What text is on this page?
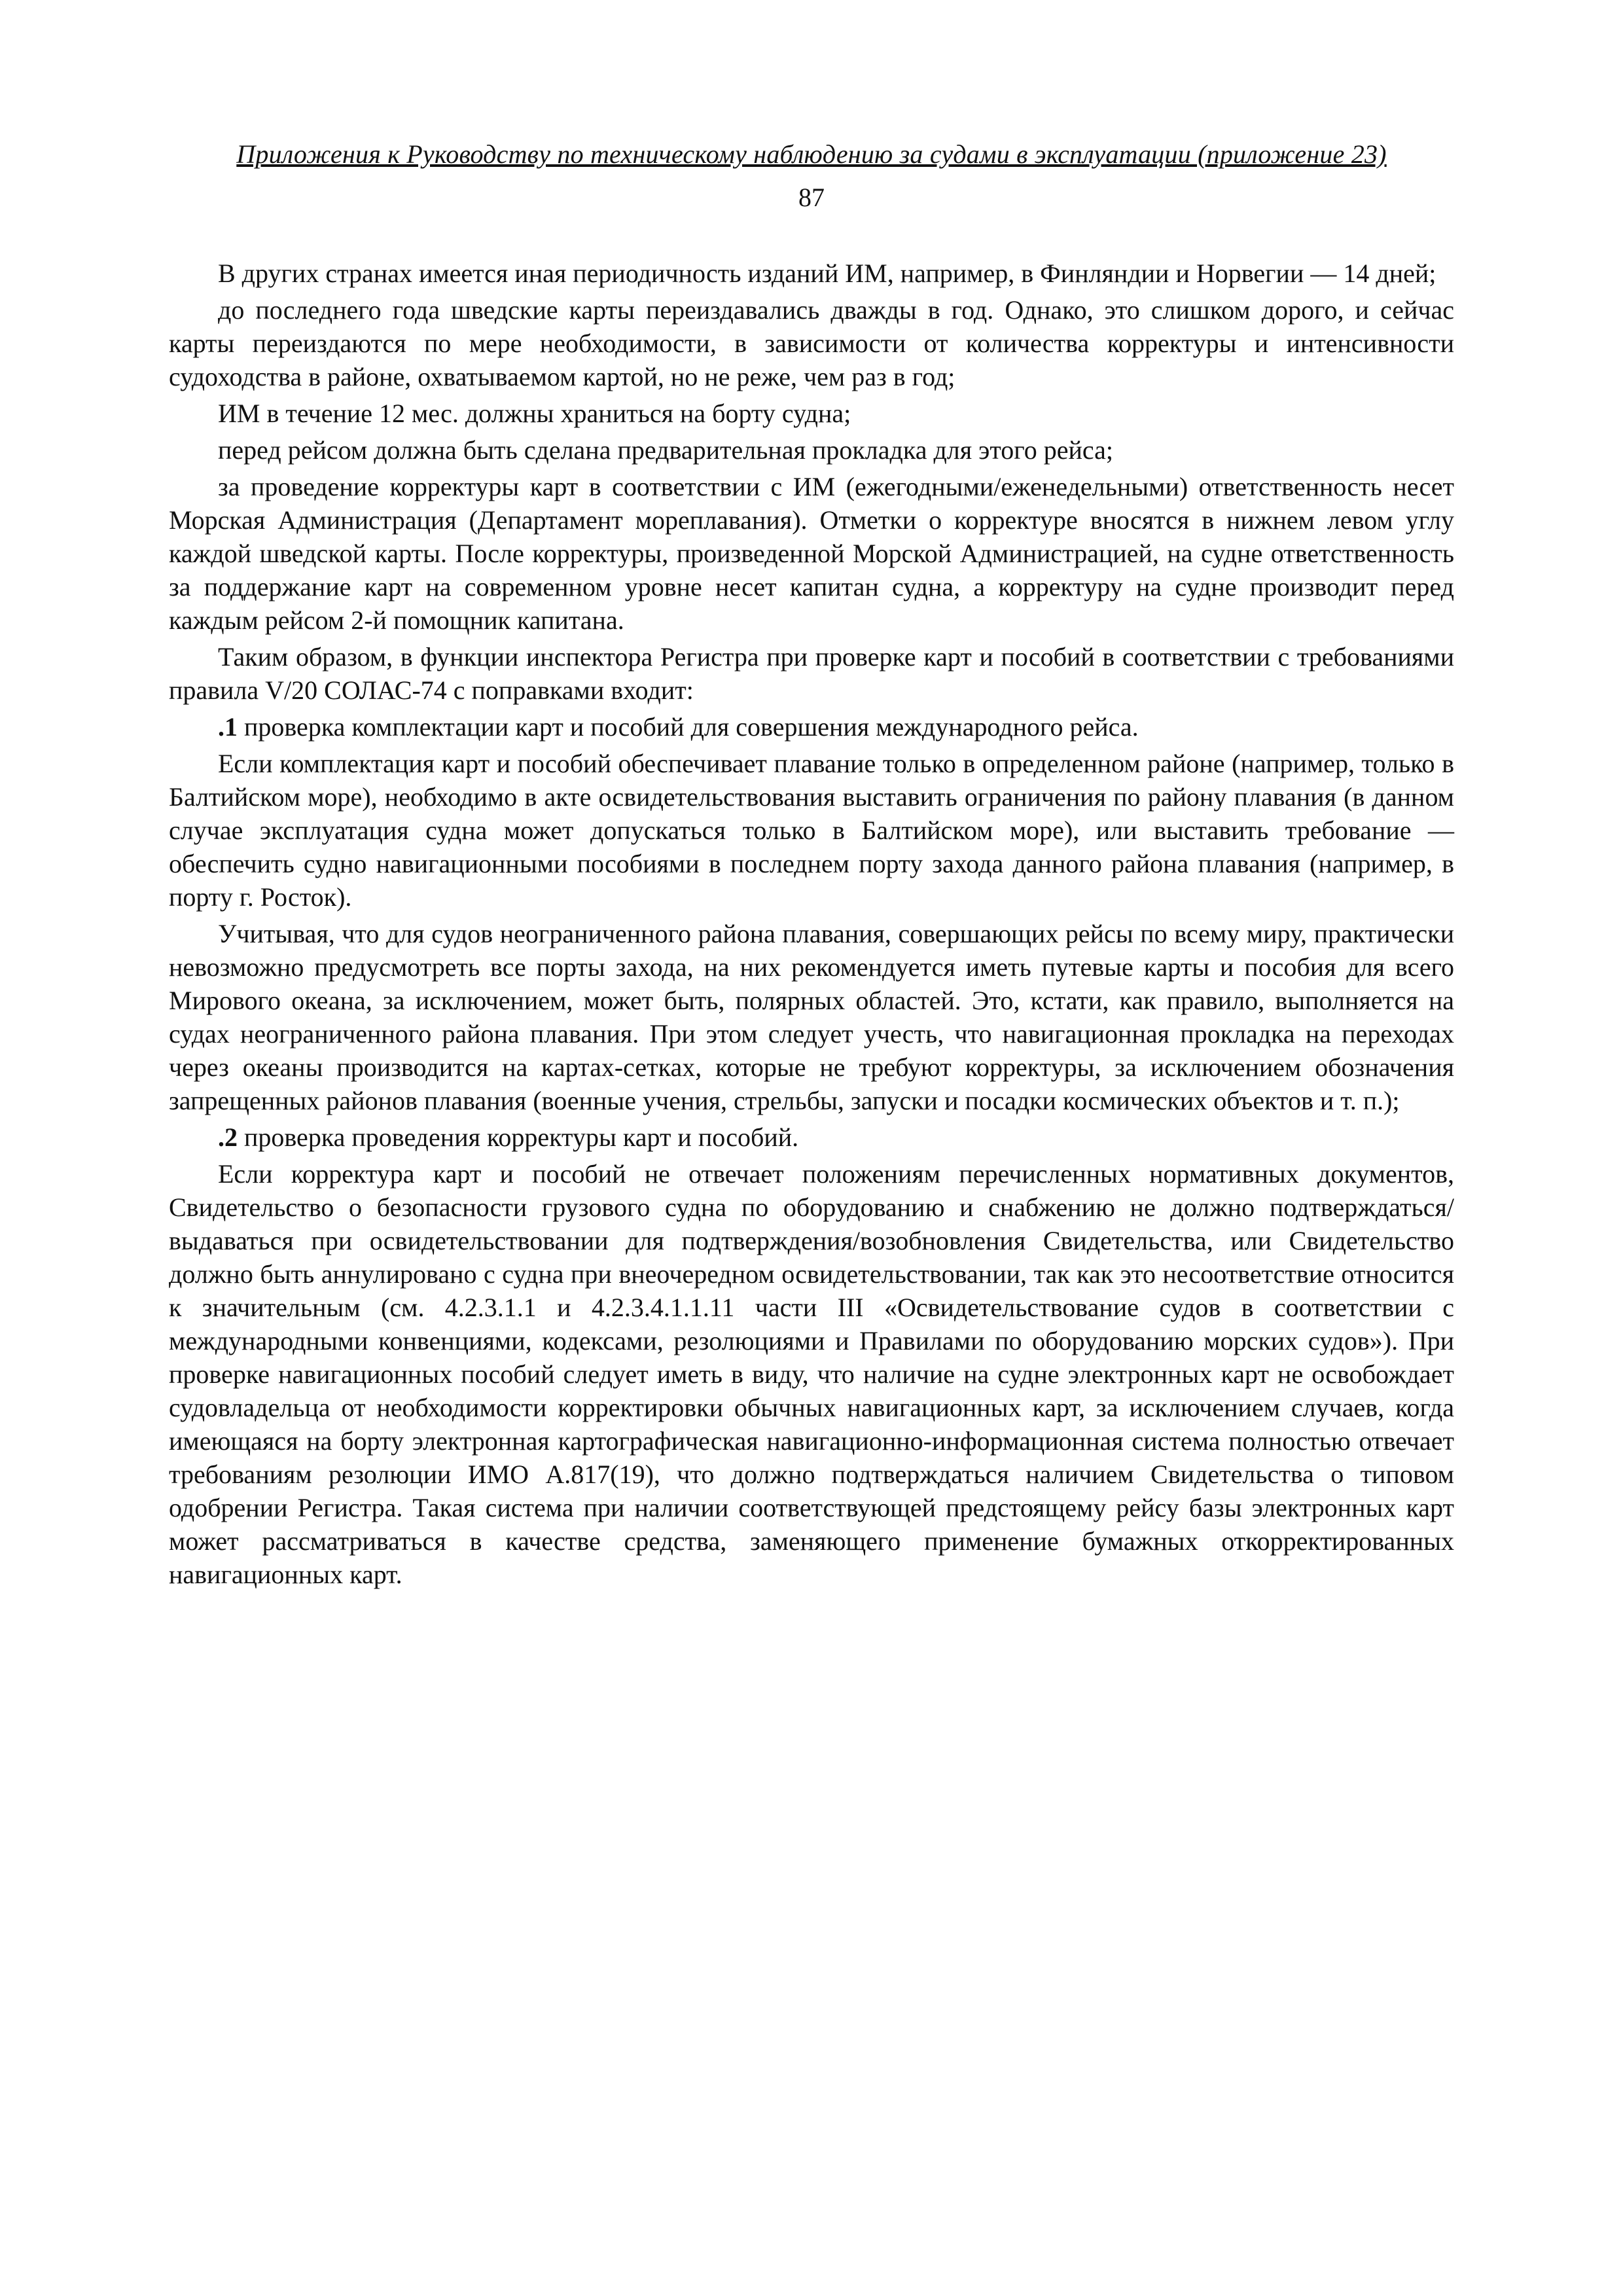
Приложения к Руководству по техническому наблюдению за судами в эксплуатации (приложение 23)
87

В других странах имеется иная периодичность изданий ИМ, например, в Финляндии и Норвегии — 14 дней;

до последнего года шведские карты переиздавались дважды в год. Однако, это слишком дорого, и сейчас карты переиздаются по мере необходимости, в зависимости от количества корректуры и интенсивности судоходства в районе, охватываемом картой, но не реже, чем раз в год;

ИМ в течение 12 мес. должны храниться на борту судна;

перед рейсом должна быть сделана предварительная прокладка для этого рейса;

за проведение корректуры карт в соответствии с ИМ (ежегодными/еженедельными) ответственность несет Морская Администрация (Департамент мореплавания). Отметки о корректуре вносятся в нижнем левом углу каждой шведской карты. После корректуры, произведенной Морской Администрацией, на судне ответственность за поддержание карт на современном уровне несет капитан судна, а корректуру на судне производит перед каждым рейсом 2-й помощник капитана.

Таким образом, в функции инспектора Регистра при проверке карт и пособий в соответствии с требованиями правила V/20 СОЛАС-74 с поправками входит:

.1 проверка комплектации карт и пособий для совершения международного рейса.

Если комплектация карт и пособий обеспечивает плавание только в определенном районе (например, только в Балтийском море), необходимо в акте освидетельствования выставить ограничения по району плавания (в данном случае эксплуатация судна может допускаться только в Балтийском море), или выставить требование — обеспечить судно навигационными пособиями в последнем порту захода данного района плавания (например, в порту г. Росток).

Учитывая, что для судов неограниченного района плавания, совершающих рейсы по всему миру, практически невозможно предусмотреть все порты захода, на них рекомендуется иметь путевые карты и пособия для всего Мирового океана, за исключением, может быть, полярных областей. Это, кстати, как правило, выполняется на судах неограниченного района плавания. При этом следует учесть, что навигационная прокладка на переходах через океаны производится на картах-сетках, которые не требуют корректуры, за исключением обозначения запрещенных районов плавания (военные учения, стрельбы, запуски и посадки космических объектов и т. п.);

.2 проверка проведения корректуры карт и пособий.

Если корректура карт и пособий не отвечает положениям перечисленных нормативных документов, Свидетельство о безопасности грузового судна по оборудованию и снабжению не должно подтверждаться/выдаваться при освидетельствовании для подтверждения/возобновления Свидетельства, или Свидетельство должно быть аннулировано с судна при внеочередном освидетельствовании, так как это несоответствие относится к значительным (см. 4.2.3.1.1 и 4.2.3.4.1.1.11 части III «Освидетельствование судов в соответствии с международными конвенциями, кодексами, резолюциями и Правилами по оборудованию морских судов»). При проверке навигационных пособий следует иметь в виду, что наличие на судне электронных карт не освобождает судовладельца от необходимости корректировки обычных навигационных карт, за исключением случаев, когда имеющаяся на борту электронная картографическая навигационно-информационная система полностью отвечает требованиям резолюции ИМО А.817(19), что должно подтверждаться наличием Свидетельства о типовом одобрении Регистра. Такая система при наличии соответствующей предстоящему рейсу базы электронных карт может рассматриваться в качестве средства, заменяющего применение бумажных откорректированных навигационных карт.
